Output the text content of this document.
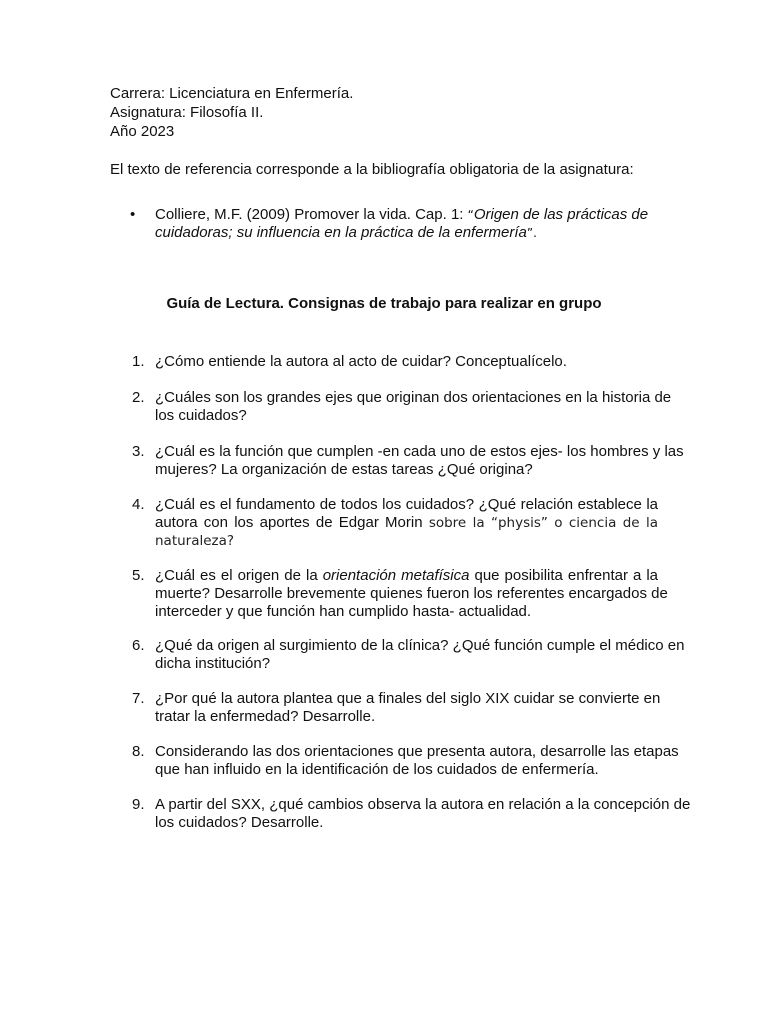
Carrera: Licenciatura en Enfermería.
Asignatura: Filosofía II.
Año 2023
El texto de referencia corresponde a la bibliografía obligatoria de la asignatura:
• Colliere, M.F. (2009) Promover la vida. Cap. 1: “Origen de las prácticas de
cuidadoras; su influencia en la práctica de la enfermería”.
Guía de Lectura. Consignas de trabajo para realizar en grupo
1. ¿Cómo entiende la autora al acto de cuidar? Conceptualícelo.
2. ¿Cuáles son los grandes ejes que originan dos orientaciones en la historia de
los cuidados?
3. ¿Cuál es la función que cumplen -en cada uno de estos ejes- los hombres y las
mujeres? La organización de estas tareas ¿Qué origina?
4. ¿Cuál es el fundamento de todos los cuidados? ¿Qué relación establece la
autora con los aportes de Edgar Morin sobre la “physis” o ciencia de la
naturaleza?
5. ¿Cuál es el origen de la orientación metafísica que posibilita enfrentar a la
muerte? Desarrolle brevemente quienes fueron los referentes encargados de
interceder y que función han cumplido hasta- actualidad.
6. ¿Qué da origen al surgimiento de la clínica? ¿Qué función cumple el médico en
dicha institución?
7. ¿Por qué la autora plantea que a finales del siglo XIX cuidar se convierte en
tratar la enfermedad? Desarrolle.
8. Considerando las dos orientaciones que presenta autora, desarrolle las etapas
que han influido en la identificación de los cuidados de enfermería.
9. A partir del SXX, ¿qué cambios observa la autora en relación a la concepción de
los cuidados? Desarrolle.
